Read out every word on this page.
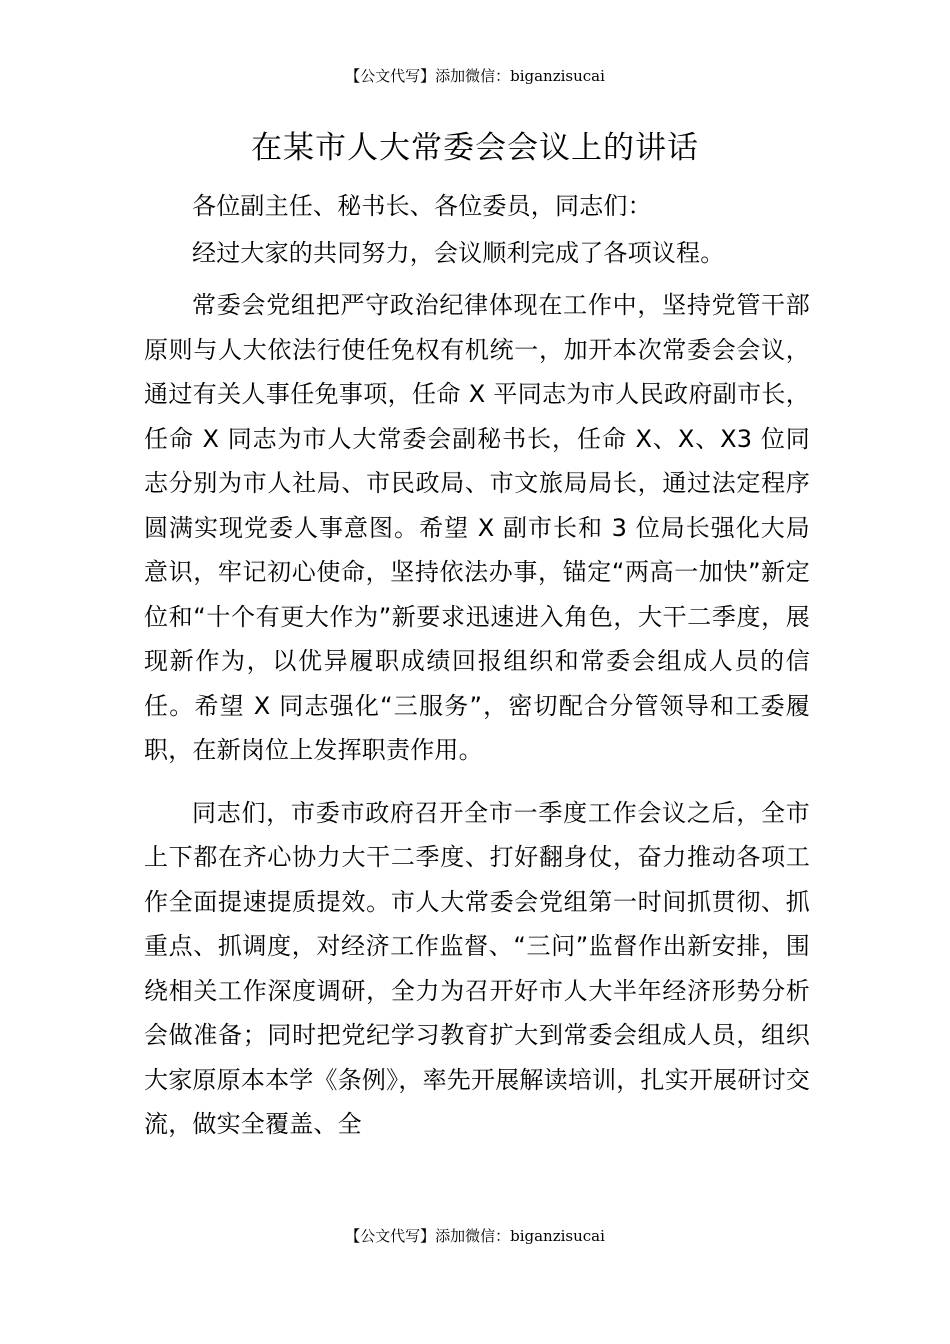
【公文代写】添加微信：biganzisucai
在某市人大常委会会议上的讲话

各位副主任、秘书长、各位委员，同志们：

经过大家的共同努力，会议顺利完成了各项议程。

常委会党组把严守政治纪律体现在工作中，坚持党管干部原则与人大依法行使任免权有机统一，加开本次常委会会议，通过有关人事任免事项，任命 X 平同志为市人民政府副市长，任命 X 同志为市人大常委会副秘书长，任命 X、X、X3 位同志分别为市人社局、市民政局、市文旅局局长，通过法定程序圆满实现党委人事意图。希望 X 副市长和 3 位局长强化大局意识，牢记初心使命，坚持依法办事，锚定“两高一加快”新定位和“十个有更大作为”新要求迅速进入角色，大干二季度，展现新作为，以优异履职成绩回报组织和常委会组成人员的信任。希望 X 同志强化“三服务”，密切配合分管领导和工委履职，在新岗位上发挥职责作用。

同志们，市委市政府召开全市一季度工作会议之后，全市上下都在齐心协力大干二季度、打好翻身仗，奋力推动各项工作全面提速提质提效。市人大常委会党组第一时间抓贯彻、抓重点、抓调度，对经济工作监督、“三问”监督作出新安排，围绕相关工作深度调研，全力为召开好市人大半年经济形势分析会做准备；同时把党纪学习教育扩大到常委会组成人员，组织大家原原本本学《条例》，率先开展解读培训，扎实开展研讨交流，做实全覆盖、全

【公文代写】添加微信：biganzisucai
